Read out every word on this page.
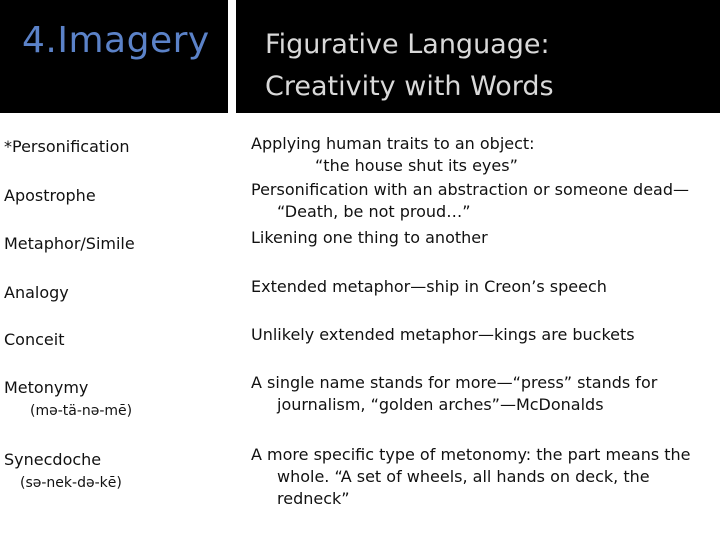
4.Imagery Figurative Language:
Creativity with Words
*Personification
Apostrophe
Metaphor/Simile
Analogy
Conceit
Metonymy
(mə-tä-nə-mē)
Synecdoche
(sə-nek-də-kē)
Applying human traits to an object:
“the house shut its eyes”
Personification with an abstraction or someone dead—
“Death, be not proud…”
Likening one thing to another
Extended metaphor—ship in Creon’s speech
Unlikely extended metaphor—kings are buckets
A single name stands for more—“press” stands for
journalism, “golden arches”—McDonalds
A more specific type of metonomy: the part means the
whole. “A set of wheels, all hands on deck, the
redneck”
